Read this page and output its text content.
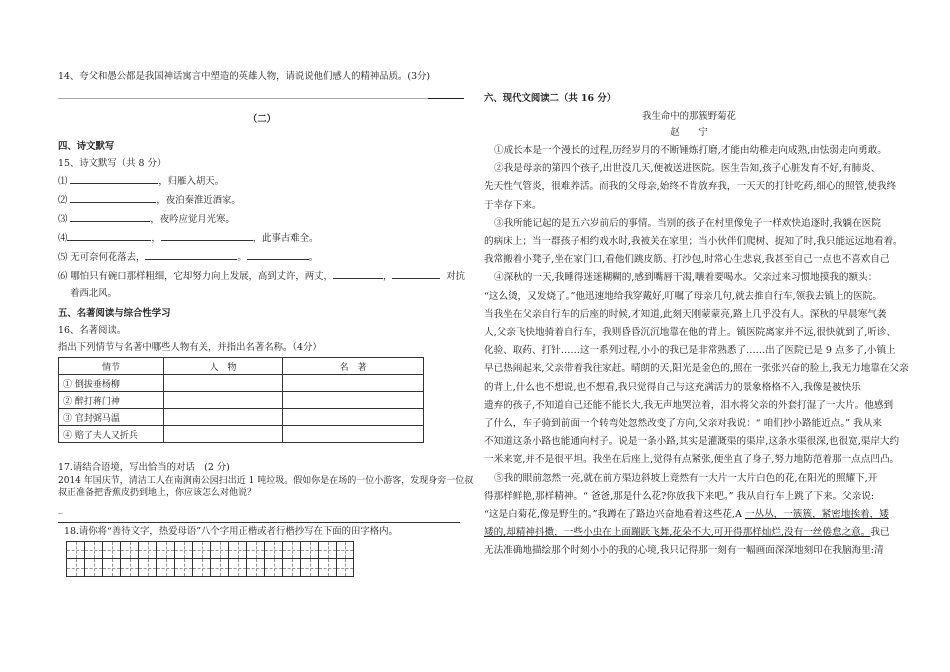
14、夸父和愚公都是我国神话寓言中塑造的英雄人物，请说说他们感人的精神品质。(3分)

（二）

四、诗文默写

15、诗文默写（共 8 分）

⑴	，归雁入胡天。

⑵	，夜泊秦淮近酒家。

⑶	，夜吟应觉月光寒。

⑷	，	，此事古难全。

⑸ 无可奈何花落去，	。	。

⑹ 哪怕只有碗口那样粗细，它却努力向上发展，高到丈许，两丈，	，	对抗

着西北风。

五、名著阅读与综合性学习

16、名著阅读。

指出下列情节与名著中哪些人物有关，并指出名著名称。（4分）

情节	人　物	名　著
① 倒拔垂杨柳		
② 醉打蒋门神		
③ 官封弼马温		
④ 赔了夫人又折兵		

17.请结合语境，写出恰当的对话　(2 分)

2014 年国庆节，清洁工人在南涧南公园扫出近 1 吨垃圾。假如你是在场的一位小游客，发现身旁一位叔

叔正准备把香蕉皮扔到地上，你应该怎么对他说？

_

18.请你将“善待文字，热爱母语”八个字用正楷或者行楷抄写在下面的田字格内。

六、现代文阅读二（共 16 分）

我生命中的那簇野菊花

赵　　宁

①成长本是一个漫长的过程,历经岁月的不断锤炼打磨,才能由幼稚走向成熟,由怯弱走向勇敢。

②我是母亲的第四个孩子,出世没几天,便被送进医院。医生告知,孩子心脏发育不好,有肺炎、

先天性气管炎，很难养活。而我的父母亲,始终不肯放弃我，一天天的打针吃药,细心的照管,使我终

于幸存下来。

③我所能记起的是五六岁前后的事情。当别的孩子在村里像兔子一样欢快追逐时,我躺在医院

的病床上；当一群孩子相约戏水时,我被关在家里；当小伙伴们爬树、捉知了时,我只能远远地看着。

我常搬着小凳子,坐在家门口,看他们跳皮筋、打沙包,时常心生悲哀,我甚至自己一点也不喜欢自己

④深秋的一天,我睡得迷迷糊糊的,感到嘴唇干渴,嚷着要喝水。父亲过来习惯地摸我的额头：

“这么烫，又发烧了。”他迅速地给我穿戴好,叮嘱了母亲几句,就去推自行车,领我去镇上的医院。

当我坐在父亲自行车的后座的时候,才知道,此刻天刚蒙蒙亮,路上几乎没有人。深秋的早晨寒气袭

人,父亲飞快地骑着自行车，我则昏昏沉沉地靠在他的背上。镇医院离家并不远,很快就到了,听诊、

化验、取药、打针……这一系列过程,小小的我已是非常熟悉了……出了医院已是 9 点多了,小镇上

早已热闹起来,父亲带着我往家赶。晴朗的天,阳光是金色的,照在一张张兴奋的脸上,我无力地靠在父亲

的背上,什么也不想说,也不想看,我只觉得自己与这充满活力的景象格格不入,我像是被快乐

遗弃的孩子,不知道自己还能不能长大,我无声地哭泣着，泪水将父亲的外套打湿了一大片。他感到

了什么，车子骑到前面一个转弯处忽然改变了方向,父亲对我说：“ 咱们抄小路能近点。” 我从来

不知道这条小路也能通向村子。说是一条小路,其实是灌溉渠的渠岸,这条水渠很深,也很宽,渠岸大约

一米来宽,并不是很平坦。我坐在后座上,觉得有点紧张,便坐直了身子,努力地防范着那一点点凹凸。

⑤我的眼前忽然一亮,就在前方渠边斜坡上竟然有一大片一大片白色的花,在阳光的照耀下,开

得那样鲜艳,那样精神。“ 爸爸,那是什么花?你放我下来吧。” 我从自行车上跳了下来。父亲说:

“这是白菊花,像是野生的。”我蹲在了路边兴奋地看着这些花,A 一丛丛，一簇簇，紧密地挨着，矮

矮的,却精神抖擞，一些小虫在上面蹦跃飞舞,花朵不大,可开得那样灿烂,没有一丝倦怠之意。我已

无法准确地描绘那个时刻小小的我的心境,我只记得那一刻有一幅画面深深地刻印在我脑海里:清
